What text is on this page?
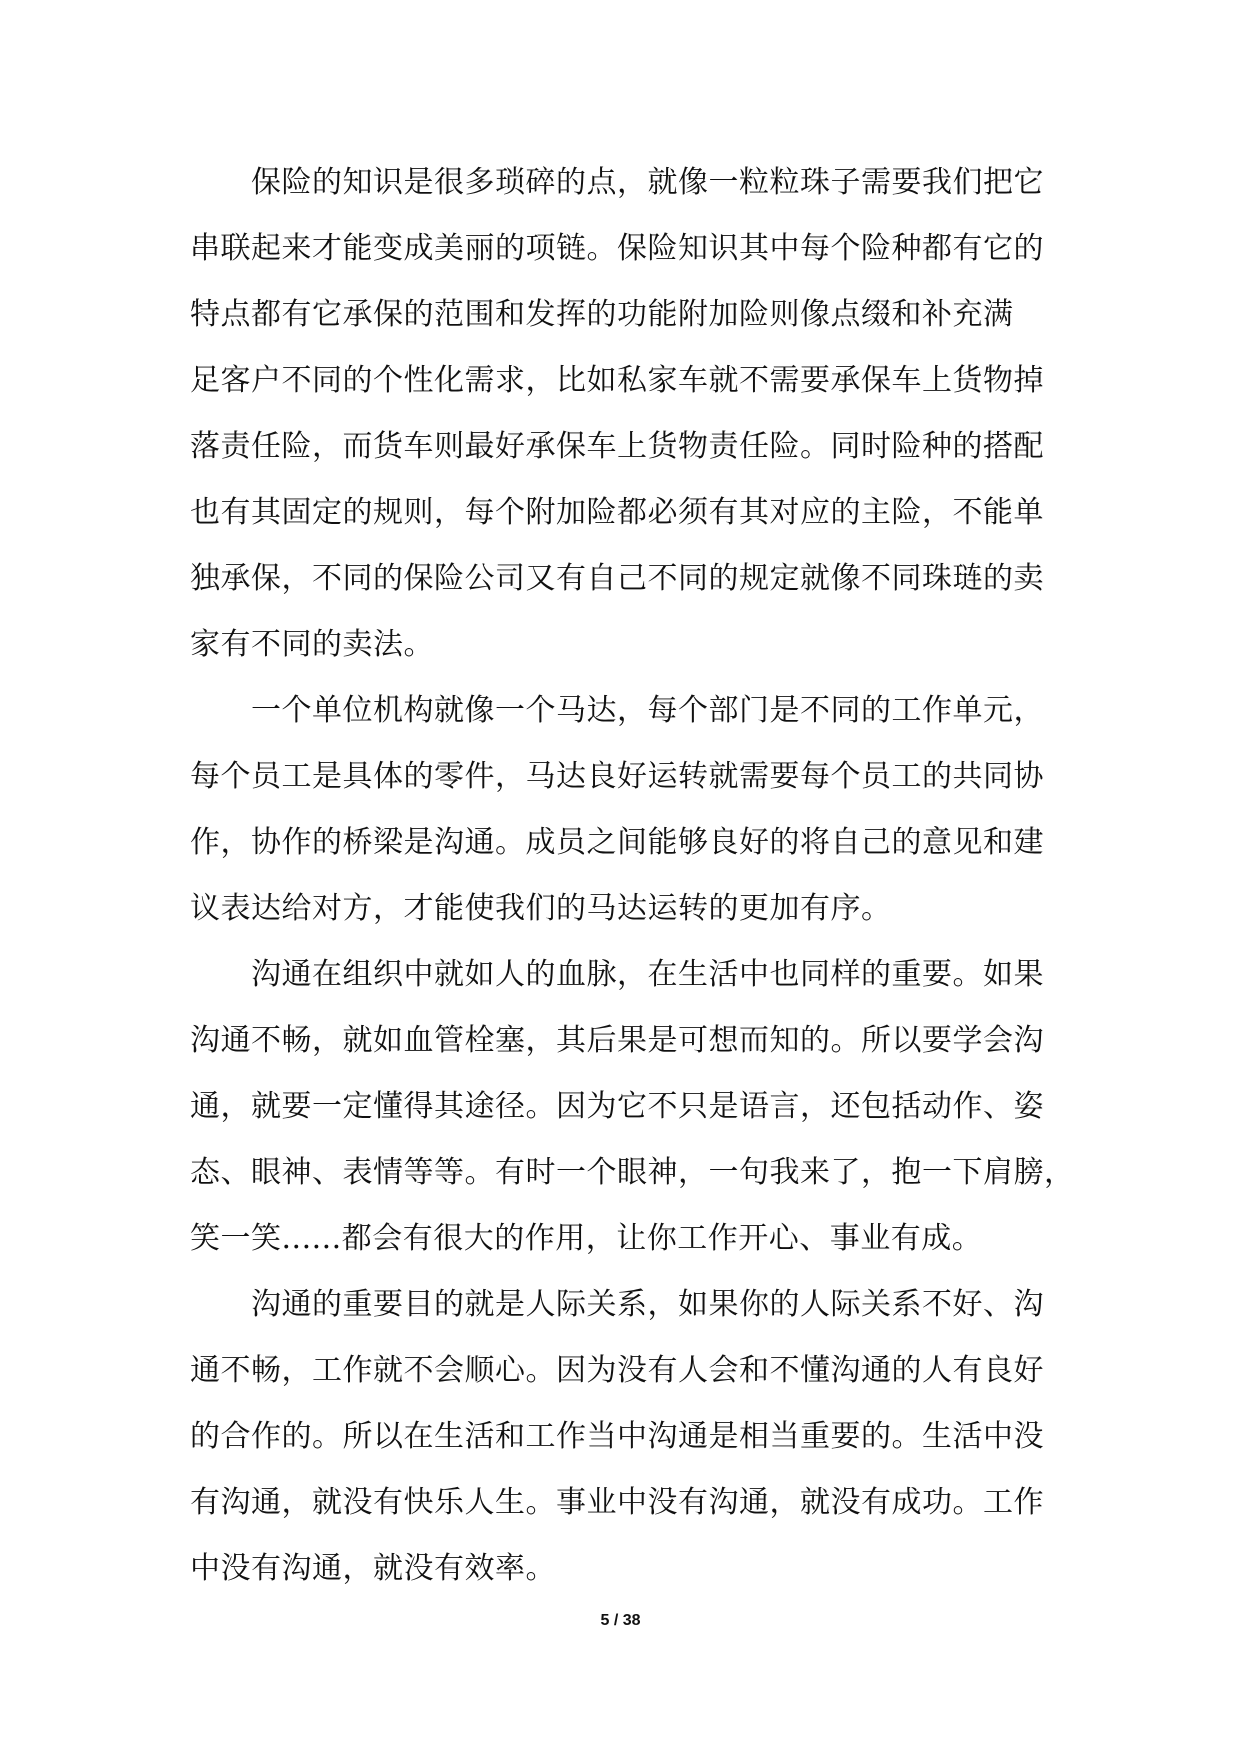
　　保险的知识是很多琐碎的点，就像一粒粒珠子需要我们把它
串联起来才能变成美丽的项链。保险知识其中每个险种都有它的
特点都有它承保的范围和发挥的功能附加险则像点缀和补充满
足客户不同的个性化需求，比如私家车就不需要承保车上货物掉
落责任险，而货车则最好承保车上货物责任险。同时险种的搭配
也有其固定的规则，每个附加险都必须有其对应的主险，不能单
独承保，不同的保险公司又有自己不同的规定就像不同珠琏的卖
家有不同的卖法。
　　一个单位机构就像一个马达，每个部门是不同的工作单元，
每个员工是具体的零件，马达良好运转就需要每个员工的共同协
作，协作的桥梁是沟通。成员之间能够良好的将自己的意见和建
议表达给对方，才能使我们的马达运转的更加有序。
　　沟通在组织中就如人的血脉，在生活中也同样的重要。如果
沟通不畅，就如血管栓塞，其后果是可想而知的。所以要学会沟
通，就要一定懂得其途径。因为它不只是语言，还包括动作、姿
态、眼神、表情等等。有时一个眼神，一句我来了，抱一下肩膀，
笑一笑......都会有很大的作用，让你工作开心、事业有成。
　　沟通的重要目的就是人际关系，如果你的人际关系不好、沟
通不畅，工作就不会顺心。因为没有人会和不懂沟通的人有良好
的合作的。所以在生活和工作当中沟通是相当重要的。生活中没
有沟通，就没有快乐人生。事业中没有沟通，就没有成功。工作
中没有沟通，就没有效率。
5 / 38
